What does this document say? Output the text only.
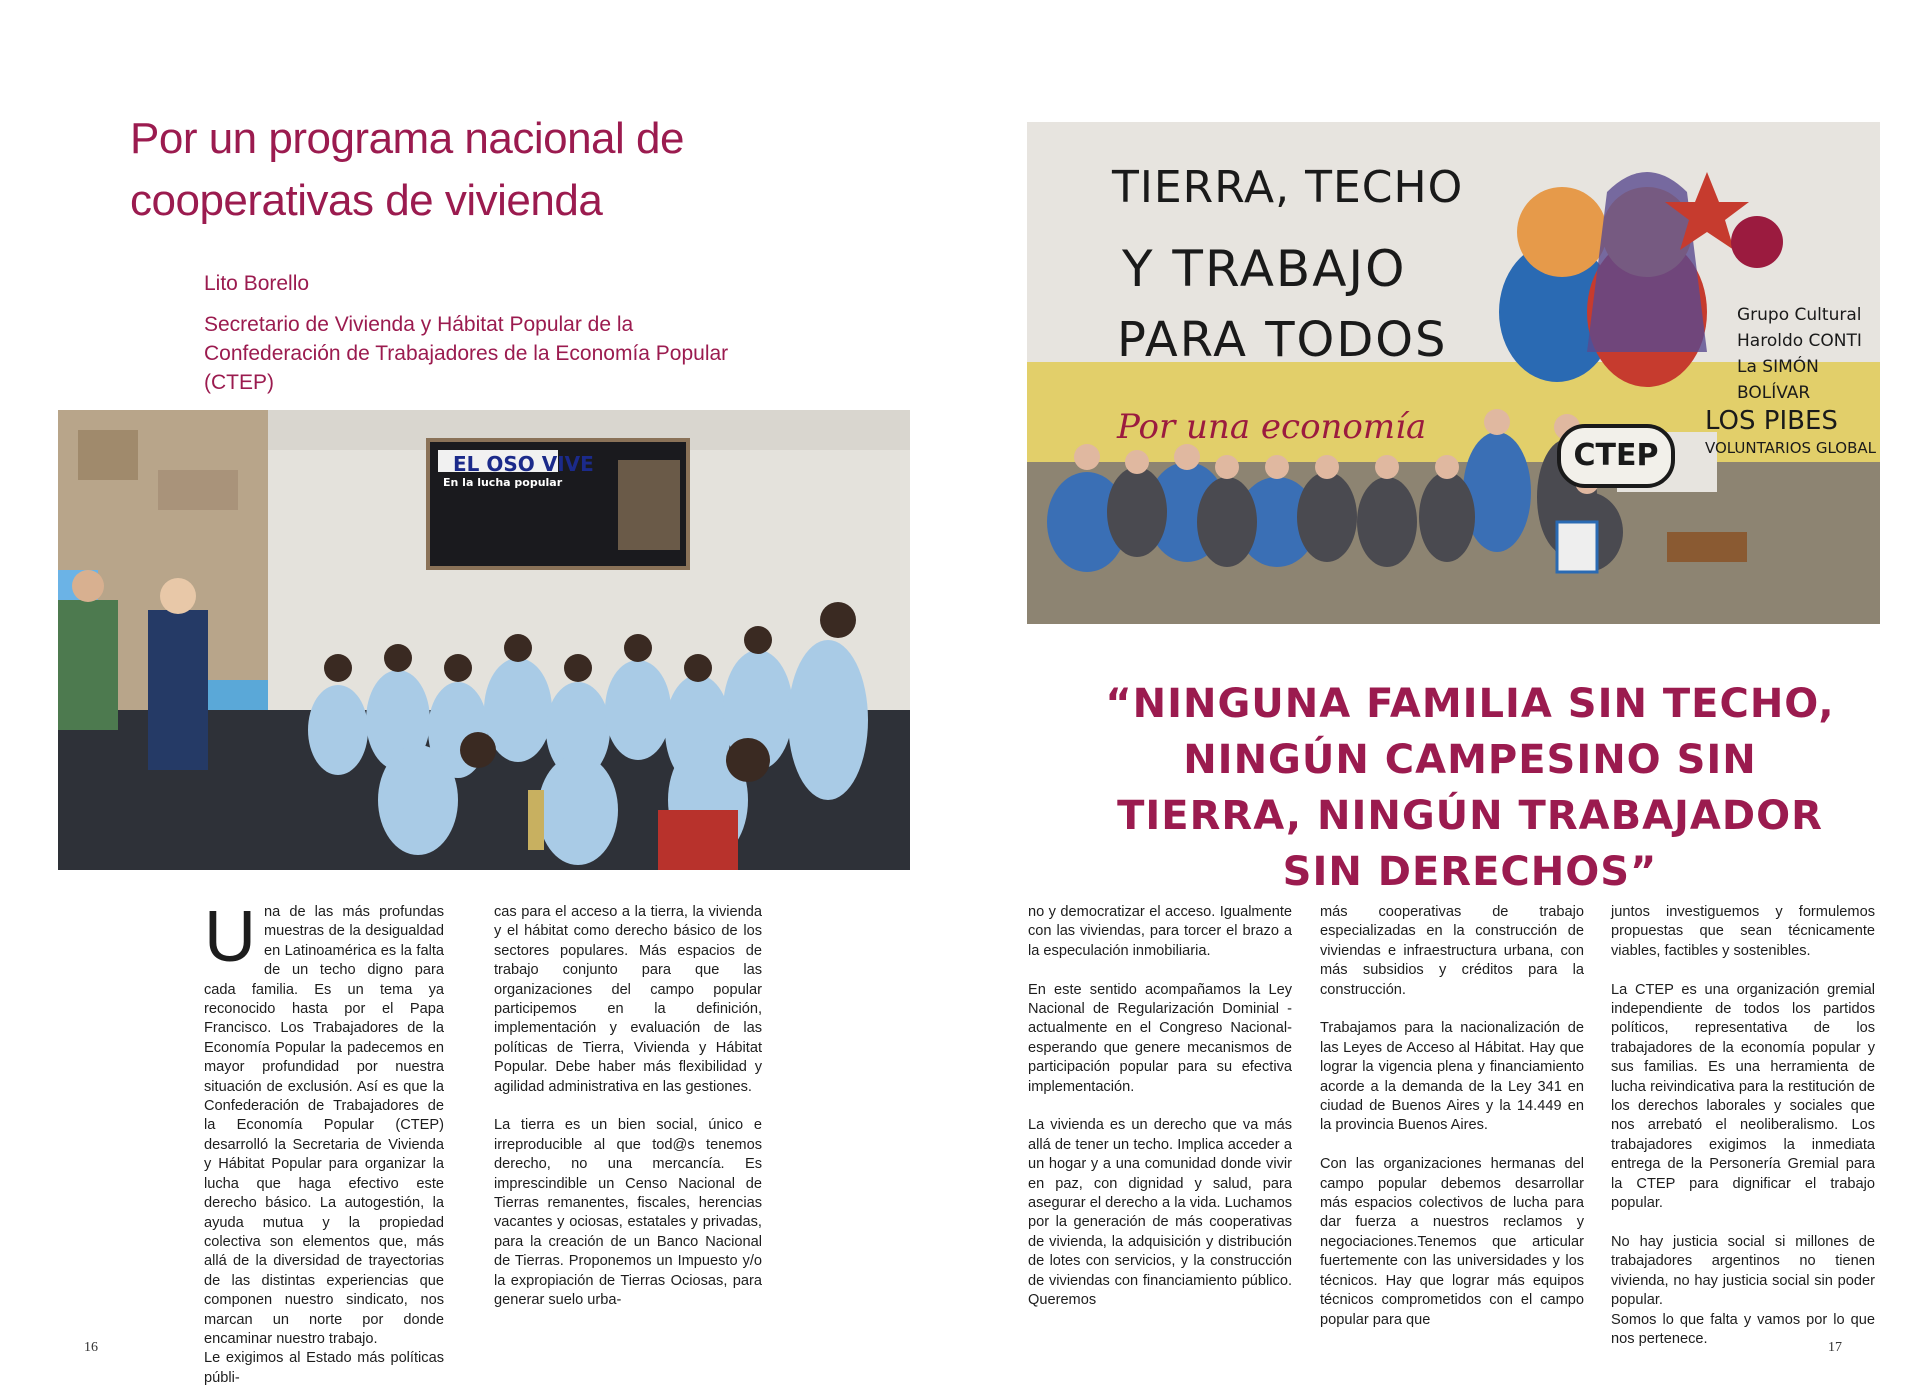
Por un programa nacional de cooperativas de vivienda

Lito Borello

Secretario de Vivienda y Hábitat Popular de la Confederación de Trabajadores de la Economía Popular (CTEP)

EL OSO VIVE
En la lucha popular

Una de las más profundas muestras de la desigualdad en Latinoamérica es la falta de un techo digno para cada familia. Es un tema ya reconocido hasta por el Papa Francisco. Los Trabajadores de la Economía Popular la padecemos en mayor profundidad por nuestra situación de exclusión. Así es que la Confederación de Trabajadores de la Economía Popular (CTEP) desarrolló la Secretaria de Vivienda y Hábitat Popular para organizar la lucha que haga efectivo este derecho básico. La autogestión, la ayuda mutua y la propiedad colectiva son elementos que, más allá de la diversidad de trayectorias de las distintas experiencias que componen nuestro sindicato, nos marcan un norte por donde encaminar nuestro trabajo.

Le exigimos al Estado más políticas públi-

cas para el acceso a la tierra, la vivienda y el hábitat como derecho básico de los sectores populares. Más espacios de trabajo conjunto para que las organizaciones del campo popular participemos en la definición, implementación y evaluación de las políticas de Tierra, Vivienda y Hábitat Popular. Debe haber más flexibilidad y agilidad administrativa en las gestiones.

La tierra es un bien social, único e irreproducible al que tod@s tenemos derecho, no una mercancía. Es imprescindible un Censo Nacional de Tierras remanentes, fiscales, herencias vacantes y ociosas, estatales y privadas, para la creación de un Banco Nacional de Tierras. Proponemos un Impuesto y/o la expropiación de Tierras Ociosas, para generar suelo urba-

16
TIERRA, TECHO
Y TRABAJO
PARA TODOS
Por una economía
CTEP
Grupo Cultural
Haroldo CONTI
La SIMÓN BOLÍVAR
LOS PIBES
VOLUNTARIOS GLOBAL

“NINGUNA FAMILIA SIN TECHO, NINGÚN CAMPESINO SIN TIERRA, NINGÚN TRABAJADOR SIN DERECHOS”

no y democratizar el acceso. Igualmente con las viviendas, para torcer el brazo a la especulación inmobiliaria.

En este sentido acompañamos la Ley Nacional de Regularización Dominial -actualmente en el Congreso Nacional- esperando que genere mecanismos de participación popular para su efectiva implementación.

La vivienda es un derecho que va más allá de tener un techo. Implica acceder a un hogar y a una comunidad donde vivir en paz, con dignidad y salud, para asegurar el derecho a la vida. Luchamos por la generación de más cooperativas de vivienda, la adquisición y distribución de lotes con servicios, y la construcción de viviendas con financiamiento público. Queremos

más cooperativas de trabajo especializadas en la construcción de viviendas e infraestructura urbana, con más subsidios y créditos para la construcción.

Trabajamos para la nacionalización de las Leyes de Acceso al Hábitat. Hay que lograr la vigencia plena y financiamiento acorde a la demanda de la Ley 341 en ciudad de Buenos Aires y la 14.449 en la provincia Buenos Aires.

Con las organizaciones hermanas del campo popular debemos desarrollar más espacios colectivos de lucha para dar fuerza a nuestros reclamos y negociaciones.Tenemos que articular fuertemente con las universidades y los técnicos. Hay que lograr más equipos técnicos comprometidos con el campo popular para que

juntos investiguemos y formulemos propuestas que sean técnicamente viables, factibles y sostenibles.

La CTEP es una organización gremial independiente de todos los partidos políticos, representativa de los trabajadores de la economía popular y sus familias. Es una herramienta de lucha reivindicativa para la restitución de los derechos laborales y sociales que nos arrebató el neoliberalismo. Los trabajadores exigimos la inmediata entrega de la Personería Gremial para la CTEP para dignificar el trabajo popular.

No hay justicia social si millones de trabajadores argentinos no tienen vivienda, no hay justicia social sin poder popular.

Somos lo que falta y vamos por lo que nos pertenece.

17
